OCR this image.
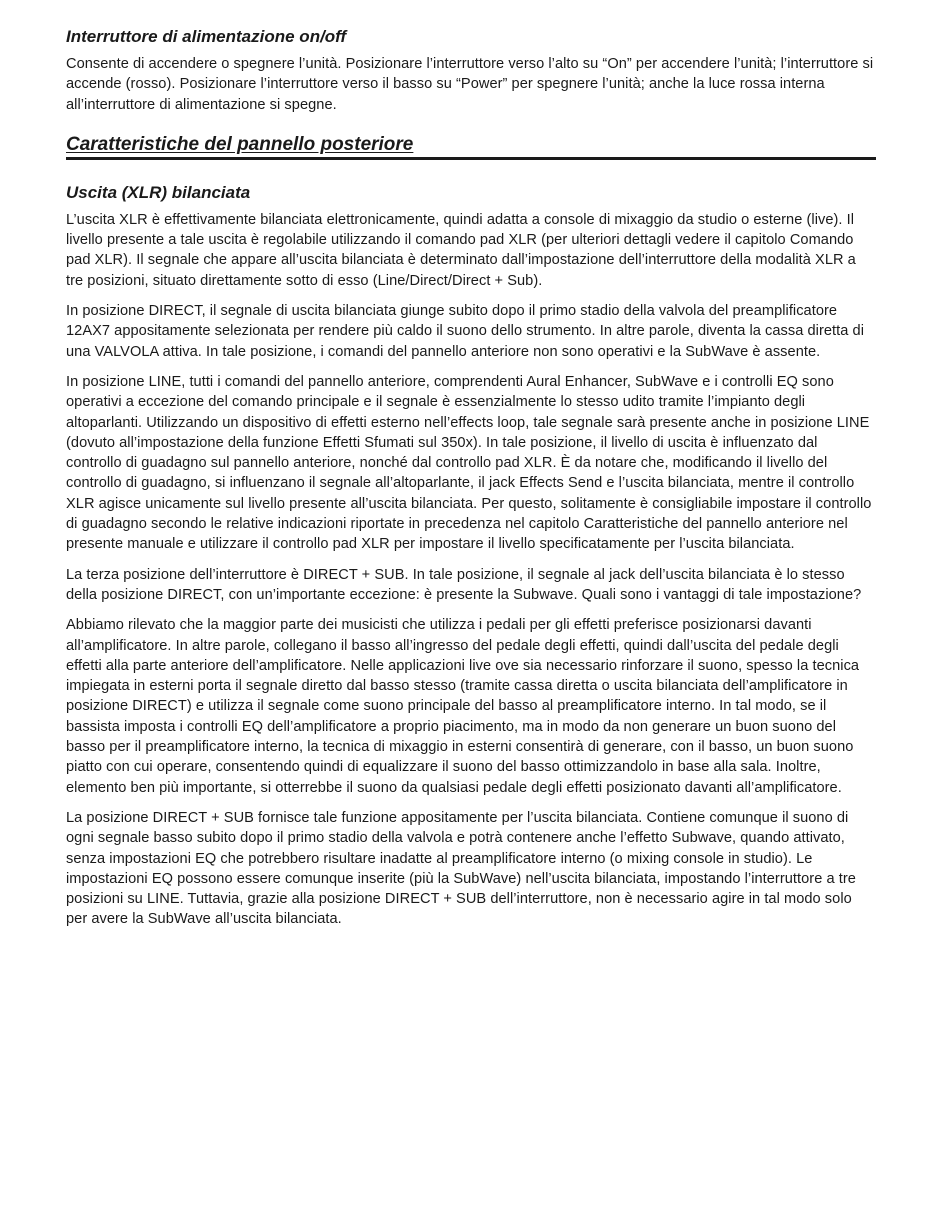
Interruttore di alimentazione on/off

Consente di accendere o spegnere l’unità. Posizionare l’interruttore verso l’alto su “On” per accendere l’unità; l’interruttore si accende (rosso). Posizionare l’interruttore verso il basso su “Power” per spegnere l’unità; anche la luce rossa interna all’interruttore di alimentazione si spegne.

Caratteristiche del pannello posteriore
Uscita (XLR) bilanciata

L’uscita XLR è effettivamente bilanciata elettronicamente, quindi adatta a console di mixaggio da studio o esterne (live). Il livello presente a tale uscita è regolabile utilizzando il comando pad XLR (per ulteriori dettagli vedere il capitolo Comando pad XLR). Il segnale che appare all’uscita bilanciata è determinato dall’impostazione dell’interruttore della modalità XLR a tre posizioni, situato direttamente sotto di esso (Line/Direct/Direct + Sub).

In posizione DIRECT, il segnale di uscita bilanciata giunge subito dopo il primo stadio della valvola del preamplificatore 12AX7 appositamente selezionata per rendere più caldo il suono dello strumento. In altre parole, diventa la cassa diretta di una VALVOLA attiva. In tale posizione, i comandi del pannello anteriore non sono operativi e la SubWave è assente.

In posizione LINE, tutti i comandi del pannello anteriore, comprendenti Aural Enhancer, SubWave e i controlli EQ sono operativi a eccezione del comando principale e il segnale è essenzialmente lo stesso udito tramite l’impianto degli altoparlanti. Utilizzando un dispositivo di effetti esterno nell’effects loop, tale segnale sarà presente anche in posizione LINE (dovuto all’impostazione della funzione Effetti Sfumati sul 350x). In tale posizione, il livello di uscita è influenzato dal controllo di guadagno sul pannello anteriore, nonché dal controllo pad XLR. È da notare che, modificando il livello del controllo di guadagno, si influenzano il segnale all’altoparlante, il jack Effects Send e l’uscita bilanciata, mentre il controllo XLR agisce unicamente sul livello presente all’uscita bilanciata. Per questo, solitamente è consigliabile impostare il controllo di guadagno secondo le relative indicazioni riportate in precedenza nel capitolo Caratteristiche del pannello anteriore nel presente manuale e utilizzare il controllo pad XLR per impostare il livello specificatamente per l’uscita bilanciata.

La terza posizione dell’interruttore è DIRECT + SUB. In tale posizione, il segnale al jack dell’uscita bilanciata è lo stesso della posizione DIRECT, con un’importante eccezione: è presente la Subwave. Quali sono i vantaggi di tale impostazione?

Abbiamo rilevato che la maggior parte dei musicisti che utilizza i pedali per gli effetti preferisce posizionarsi davanti all’amplificatore. In altre parole, collegano il basso all’ingresso del pedale degli effetti, quindi dall’uscita del pedale degli effetti alla parte anteriore dell’amplificatore. Nelle applicazioni live ove sia necessario rinforzare il suono, spesso la tecnica impiegata in esterni porta il segnale diretto dal basso stesso (tramite cassa diretta o uscita bilanciata dell’amplificatore in posizione DIRECT) e utilizza il segnale come suono principale del basso al preamplificatore interno. In tal modo, se il bassista imposta i controlli EQ dell’amplificatore a proprio piacimento, ma in modo da non generare un buon suono del basso per il preamplificatore interno, la tecnica di mixaggio in esterni consentirà di generare, con il basso, un buon suono piatto con cui operare, consentendo quindi di equalizzare il suono del basso ottimizzandolo in base alla sala. Inoltre, elemento ben più importante, si otterrebbe il suono da qualsiasi pedale degli effetti posizionato davanti all’amplificatore.

La posizione DIRECT + SUB fornisce tale funzione appositamente per l’uscita bilanciata. Contiene comunque il suono di ogni segnale basso subito dopo il primo stadio della valvola e potrà contenere anche l’effetto Subwave, quando attivato, senza impostazioni EQ che potrebbero risultare inadatte al preamplificatore interno (o mixing console in studio). Le impostazioni EQ possono essere comunque inserite (più la SubWave) nell’uscita bilanciata, impostando l’interruttore a tre posizioni su LINE. Tuttavia, grazie alla posizione DIRECT + SUB dell’interruttore, non è necessario agire in tal modo solo per avere la SubWave all’uscita bilanciata.
